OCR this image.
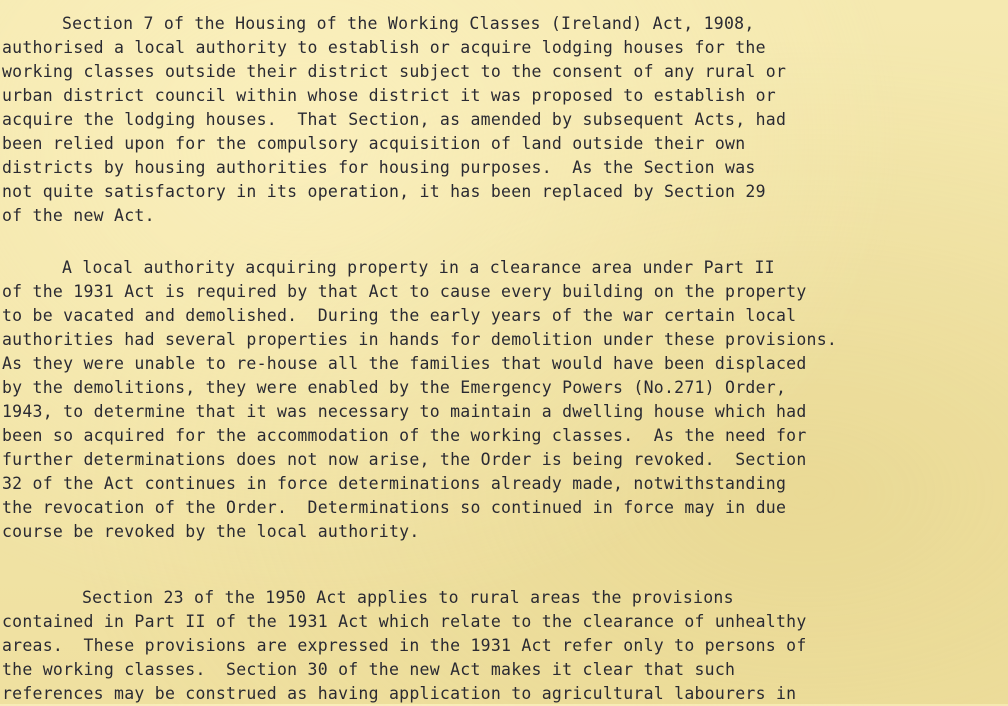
Section 7 of the Housing of the Working Classes (Ireland) Act, 1908,
authorised a local authority to establish or acquire lodging houses for the
working classes outside their district subject to the consent of any rural or
urban district council within whose district it was proposed to establish or
acquire the lodging houses.  That Section, as amended by subsequent Acts, had
been relied upon for the compulsory acquisition of land outside their own
districts by housing authorities for housing purposes.  As the Section was
not quite satisfactory in its operation, it has been replaced by Section 29
of the new Act.
A local authority acquiring property in a clearance area under Part II
of the 1931 Act is required by that Act to cause every building on the property
to be vacated and demolished.  During the early years of the war certain local
authorities had several properties in hands for demolition under these provisions.
As they were unable to re-house all the families that would have been displaced
by the demolitions, they were enabled by the Emergency Powers (No.271) Order,
1943, to determine that it was necessary to maintain a dwelling house which had
been so acquired for the accommodation of the working classes.  As the need for
further determinations does not now arise, the Order is being revoked.  Section
32 of the Act continues in force determinations already made, notwithstanding
the revocation of the Order.  Determinations so continued in force may in due
course be revoked by the local authority.
Section 23 of the 1950 Act applies to rural areas the provisions
contained in Part II of the 1931 Act which relate to the clearance of unhealthy
areas.  These provisions are expressed in the 1931 Act refer only to persons of
the working classes.  Section 30 of the new Act makes it clear that such
references may be construed as having application to agricultural labourers in
